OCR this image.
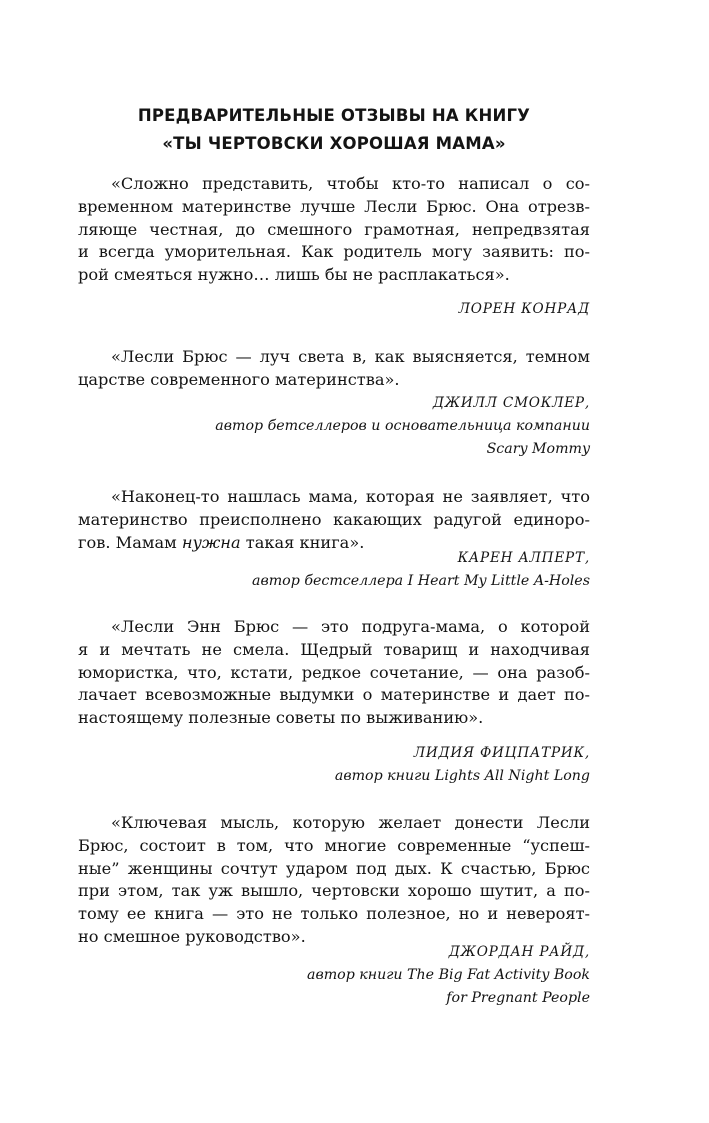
ПРЕДВАРИТЕЛЬНЫЕ ОТЗЫВЫ НА КНИГУ
«ТЫ ЧЕРТОВСКИ ХОРОШАЯ МАМА»

«Сложно представить, чтобы кто-то написал о со-
временном материнстве лучше Лесли Брюс. Она отрезв-
ляюще честная, до смешного грамотная, непредвзятая
и всегда уморительная. Как родитель могу заявить: по-
рой смеяться нужно… лишь бы не расплакаться».

ЛОРЕН КОНРАД

«Лесли Брюс — луч света в, как выясняется, темном
царстве современного материнства».

ДЖИЛЛ СМОКЛЕР,
автор бетселлеров и основательница компании
Scary Mommy

«Наконец-то нашлась мама, которая не заявляет, что
материнство преисполнено какающих радугой единоро-
гов. Мамам нужна такая книга».

КАРЕН АЛПЕРТ,
автор бестселлера I Heart My Little A-Holes

«Лесли Энн Брюс — это подруга-мама, о которой
я и мечтать не смела. Щедрый товарищ и находчивая
юмористка, что, кстати, редкое сочетание, — она разоб-
лачает всевозможные выдумки о материнстве и дает по-
настоящему полезные советы по выживанию».

ЛИДИЯ ФИЦПАТРИК,
автор книги Lights All Night Long

«Ключевая мысль, которую желает донести Лесли
Брюс, состоит в том, что многие современные “успеш-
ные” женщины сочтут ударом под дых. К счастью, Брюс
при этом, так уж вышло, чертовски хорошо шутит, а по-
тому ее книга — это не только полезное, но и невероят-
но смешное руководство».

ДЖОРДАН РАЙД,
автор книги The Big Fat Activity Book
for Pregnant People
